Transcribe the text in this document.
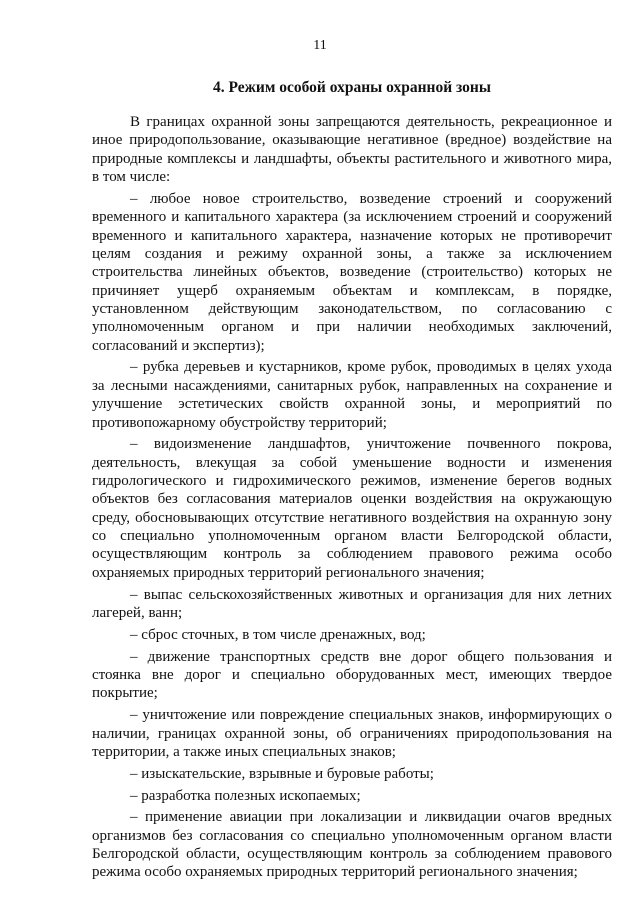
11
4. Режим особой охраны охранной зоны

В границах охранной зоны запрещаются деятельность, рекреационное и иное природопользование, оказывающие негативное (вредное) воздействие на природные комплексы и ландшафты, объекты растительного и животного мира, в том числе:

– любое новое строительство, возведение строений и сооружений временного и капитального характера (за исключением строений и сооружений временного и капитального характера, назначение которых не противоречит целям создания и режиму охранной зоны, а также за исключением строительства линейных объектов, возведение (строительство) которых не причиняет ущерб охраняемым объектам и комплексам, в порядке, установленном действующим законодательством, по согласованию с уполномоченным органом и при наличии необходимых заключений, согласований и экспертиз);

– рубка деревьев и кустарников, кроме рубок, проводимых в целях ухода за лесными насаждениями, санитарных рубок, направленных на сохранение и улучшение эстетических свойств охранной зоны, и мероприятий по противопожарному обустройству территорий;

– видоизменение ландшафтов, уничтожение почвенного покрова, деятельность, влекущая за собой уменьшение водности и изменения гидрологического и гидрохимического режимов, изменение берегов водных объектов без согласования материалов оценки воздействия на окружающую среду, обосновывающих отсутствие негативного воздействия на охранную зону со специально уполномоченным органом власти Белгородской области, осуществляющим контроль за соблюдением правового режима особо охраняемых природных территорий регионального значения;

– выпас сельскохозяйственных животных и организация для них летних лагерей, ванн;

– сброс сточных, в том числе дренажных, вод;

– движение транспортных средств вне дорог общего пользования и стоянка вне дорог и специально оборудованных мест, имеющих твердое покрытие;

– уничтожение или повреждение специальных знаков, информирующих о наличии, границах охранной зоны, об ограничениях природопользования на территории, а также иных специальных знаков;

– изыскательские, взрывные и буровые работы;

– разработка полезных ископаемых;

– применение авиации при локализации и ликвидации очагов вредных организмов без согласования со специально уполномоченным органом власти Белгородской области, осуществляющим контроль за соблюдением правового режима особо охраняемых природных территорий регионального значения;
